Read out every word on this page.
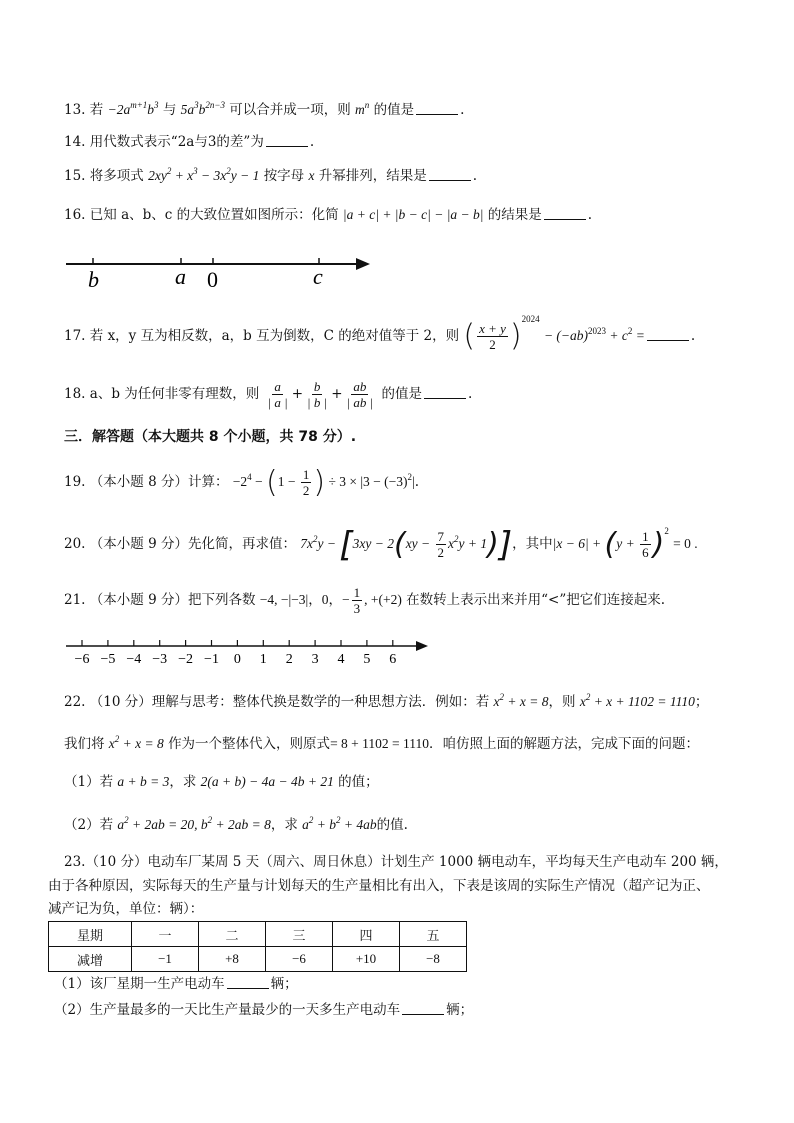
13. 若 $-2a^{m+1}b^3$ 与 $5a^3b^{2n-3}$ 可以合并成一项，则 $m^n$ 的值是	.
14. 用代数式表示“2a与3的差”为	.
15. 将多项式 $2xy^2 + x^3 - 3x^2y - 1$ 按字母 x 升幂排列，结果是	.
16. 已知 a、b、c 的大致位置如图所示：化简 |a + c| + |b − c| − |a − b| 的结果是	.
b	a 0	c
17. 若 x，y 互为相反数，a，b 互为倒数，C 的绝对值等于 2，则 ( $\frac{x + y}{2} )^{2024} - (-ab)^{2023} + c^2$ =	.
18. a、b 为任何非零有理数，则 $\frac{a}{| a |} + \frac{b}{| b |} + \frac{ab}{| ab |}$ 的值是	.
三．解答题（本大题共 8 个小题，共 78 分）.
19. （本小题 8 分）计算： $-2^4 - (1 - \frac{1}{2}$ ) ÷ $3 \times |3 - (-3)^2|$.
20. （本小题 9 分）先化简，再求值： $7x^2y - [3xy - 2(xy - \frac{7}{2} x^2y + 1)]$，其中$|x - 6| + (y + \frac{1}{6} )^2 = 0$ .
21. （本小题 9 分）把下列各数 −4, −|−3|，0，− $\frac{1}{3}$ , +(+2) 在数转上表示出来并用“<”把它们连接起来.
−6 −5 −4 −3 −2 −1 0 1 2 3 4 5 6
22. （10 分）理解与思考：整体代换是数学的一种思想方法．例如：若 $x^2 + x = 8$，则 $x^2 + x + 1102 = 1110$；
我们将 $x^2 + x = 8$ 作为一个整体代入，则原式= 8 + 1102 = 1110．咱仿照上面的解题方法，完成下面的问题：
（1）若 a + b = 3，求 2(a + b) − 4a − 4b + 21 的值；
（2）若 $a^2 + 2ab = 20$, $b^2 + 2ab = 8$，求 $a^2 + b^2 + 4ab$的值.
23.（10 分）电动车厂某周 5 天（周六、周日休息）计划生产 1000 辆电动车，平均每天生产电动车 200 辆，
由于各种原因，实际每天的生产量与计划每天的生产量相比有出入，下表是该周的实际生产情况（超产记为正、
减产记为负，单位：辆）：
星期	一	二	三	四	五
减增	−1	+8	−6	+10	−8
（1）该厂星期一生产电动车	辆；
（2）生产量最多的一天比生产量最少的一天多生产电动车	辆；
